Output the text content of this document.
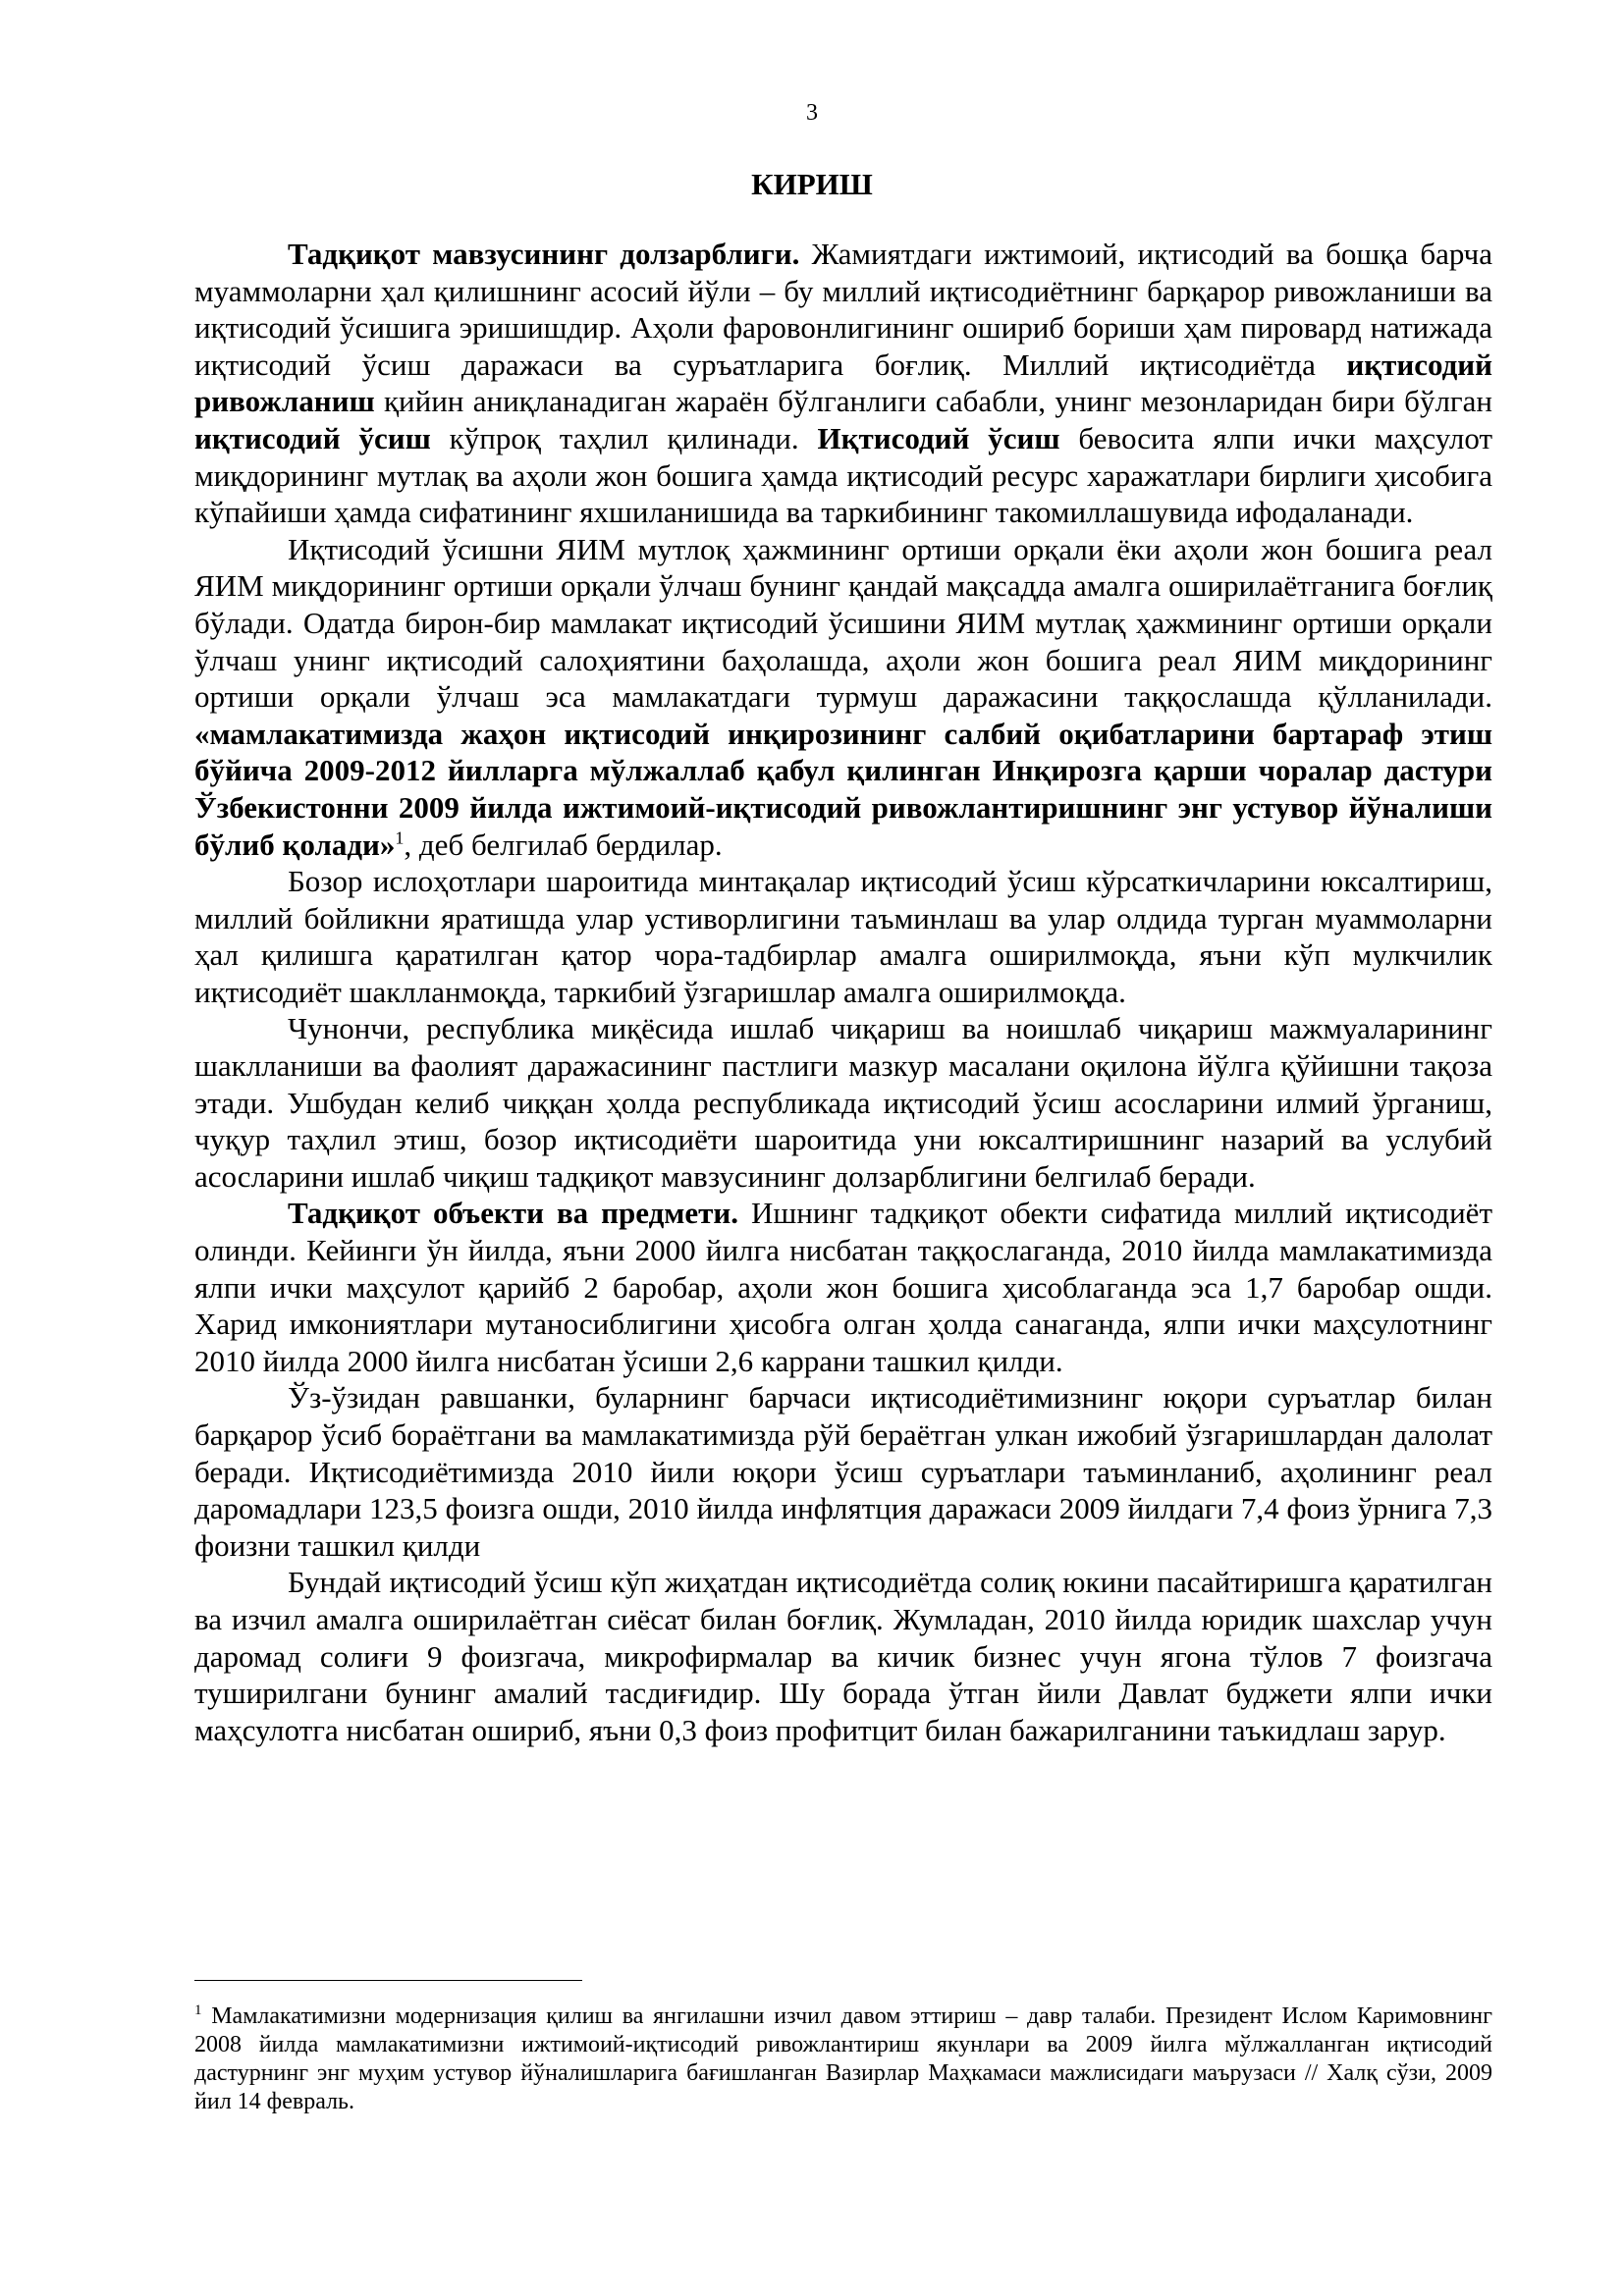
3
КИРИШ

Тадқиқот мавзусининг долзарблиги. Жамиятдаги ижтимоий, иқтисодий ва бошқа барча муаммоларни ҳал қилишнинг асосий йўли – бу миллий иқтисодиётнинг барқарор ривожланиши ва иқтисодий ўсишига эришишдир. Аҳоли фаровонлигининг ошириб бориши ҳам пировард натижада иқтисодий ўсиш даражаси ва суръатларига боғлиқ. Миллий иқтисодиётда иқтисодий ривожланиш қийин аниқланадиган жараён бўлганлиги сабабли, унинг мезонларидан бири бўлган иқтисодий ўсиш кўпроқ таҳлил қилинади. Иқтисодий ўсиш бевосита ялпи ички маҳсулот миқдорининг мутлақ ва аҳоли жон бошига ҳамда иқтисодий ресурс харажатлари бирлиги ҳисобига кўпайиши ҳамда сифатининг яхшиланишида ва таркибининг такомиллашувида ифодаланади.

Иқтисодий ўсишни ЯИМ мутлоқ ҳажмининг ортиши орқали ёки аҳоли жон бошига реал ЯИМ миқдорининг ортиши орқали ўлчаш бунинг қандай мақсадда амалга оширилаётганига боғлиқ бўлади. Одатда бирон-бир мамлакат иқтисодий ўсишини ЯИМ мутлақ ҳажмининг ортиши орқали ўлчаш унинг иқтисодий салоҳиятини баҳолашда, аҳоли жон бошига реал ЯИМ миқдорининг ортиши орқали ўлчаш эса мамлакатдаги турмуш даражасини таққослашда қўлланилади. «мамлакатимизда жаҳон иқтисодий инқирозининг салбий оқибатларини бартараф этиш бўйича 2009-2012 йилларга мўлжаллаб қабул қилинган Инқирозга қарши чоралар дастури Ўзбекистонни 2009 йилда ижтимоий-иқтисодий ривожлантиришнинг энг устувор йўналиши бўлиб қолади»$^1$, деб белгилаб бердилар.

Бозор ислоҳотлари шароитида минтақалар иқтисодий ўсиш кўрсаткичларини юксалтириш, миллий бойликни яратишда улар устиворлигини таъминлаш ва улар олдида турган муаммоларни ҳал қилишга қаратилган қатор чора-тадбирлар амалга оширилмоқда, яъни кўп мулкчилик иқтисодиёт шаклланмоқда, таркибий ўзгаришлар амалга оширилмоқда.

Чунончи, республика миқёсида ишлаб чиқариш ва ноишлаб чиқариш мажмуаларининг шаклланиши ва фаолият даражасининг пастлиги мазкур масалани оқилона йўлга қўйишни тақоза этади. Ушбудан келиб чиққан ҳолда республикада иқтисодий ўсиш асосларини илмий ўрганиш, чуқур таҳлил этиш, бозор иқтисодиёти шароитида уни юксалтиришнинг назарий ва услубий асосларини ишлаб чиқиш тадқиқот мавзусининг долзарблигини белгилаб беради.

Тадқиқот объекти ва предмети. Ишнинг тадқиқот обекти сифатида миллий иқтисодиёт олинди. Кейинги ўн йилда, яъни 2000 йилга нисбатан таққослаганда, 2010 йилда мамлакатимизда ялпи ички маҳсулот қарийб 2 баробар, аҳоли жон бошига ҳисоблаганда эса 1,7 баробар ошди. Харид имкониятлари мутаносиблигини ҳисобга олган ҳолда санаганда, ялпи ички маҳсулотнинг 2010 йилда 2000 йилга нисбатан ўсиши 2,6 каррани ташкил қилди.

Ўз-ўзидан равшанки, буларнинг барчаси иқтисодиётимизнинг юқори суръатлар билан барқарор ўсиб бораётгани ва мамлакатимизда рўй бераётган улкан ижобий ўзгаришлардан далолат беради. Иқтисодиётимизда 2010 йили юқори ўсиш суръатлари таъминланиб, аҳолининг реал даромадлари 123,5 фоизга ошди, 2010 йилда инфлятция даражаси 2009 йилдаги 7,4 фоиз ўрнига 7,3 фоизни ташкил қилди

Бундай иқтисодий ўсиш кўп жиҳатдан иқтисодиётда солиқ юкини пасайтиришга қаратилган ва изчил амалга оширилаётган сиёсат билан боғлиқ. Жумладан, 2010 йилда юридик шахслар учун даромад солиғи 9 фоизгача, микрофирмалар ва кичик бизнес учун ягона тўлов 7 фоизгача туширилгани бунинг амалий тасдиғидир. Шу борада ўтган йили Давлат буджети ялпи ички маҳсулотга нисбатан ошириб, яъни 0,3 фоиз профитцит билан бажарилганини таъкидлаш зарур.

$^1$ Мамлакатимизни модернизация қилиш ва янгилашни изчил давом эттириш – давр талаби. Президент Ислом Каримовнинг 2008 йилда мамлакатимизни ижтимоий-иқтисодий ривожлантириш якунлари ва 2009 йилга мўлжалланган иқтисодий дастурнинг энг муҳим устувор йўналишларига бағишланган Вазирлар Маҳкамаси мажлисидаги маърузаси // Халқ сўзи, 2009 йил 14 февраль.
